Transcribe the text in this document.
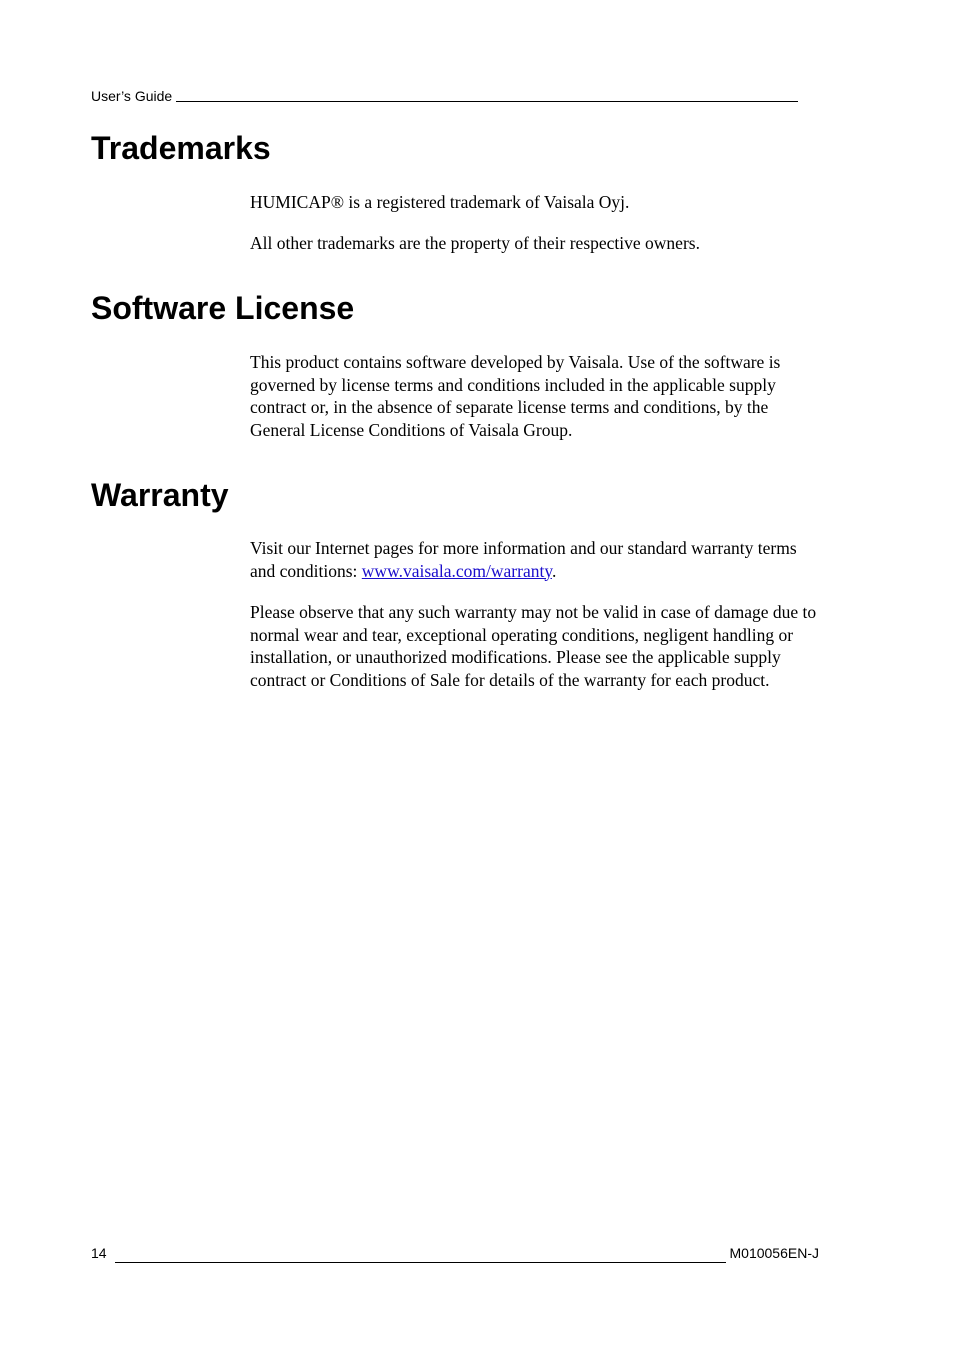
User’s Guide
Trademarks

HUMICAP® is a registered trademark of Vaisala Oyj.

All other trademarks are the property of their respective owners.

Software License

This product contains software developed by Vaisala. Use of the software is governed by license terms and conditions included in the applicable supply contract or, in the absence of separate license terms and conditions, by the General License Conditions of Vaisala Group.

Warranty

Visit our Internet pages for more information and our standard warranty terms and conditions: www.vaisala.com/warranty.

Please observe that any such warranty may not be valid in case of damage due to normal wear and tear, exceptional operating conditions, negligent handling or installation, or unauthorized modifications. Please see the applicable supply contract or Conditions of Sale for details of the warranty for each product.

14	M010056EN-J
